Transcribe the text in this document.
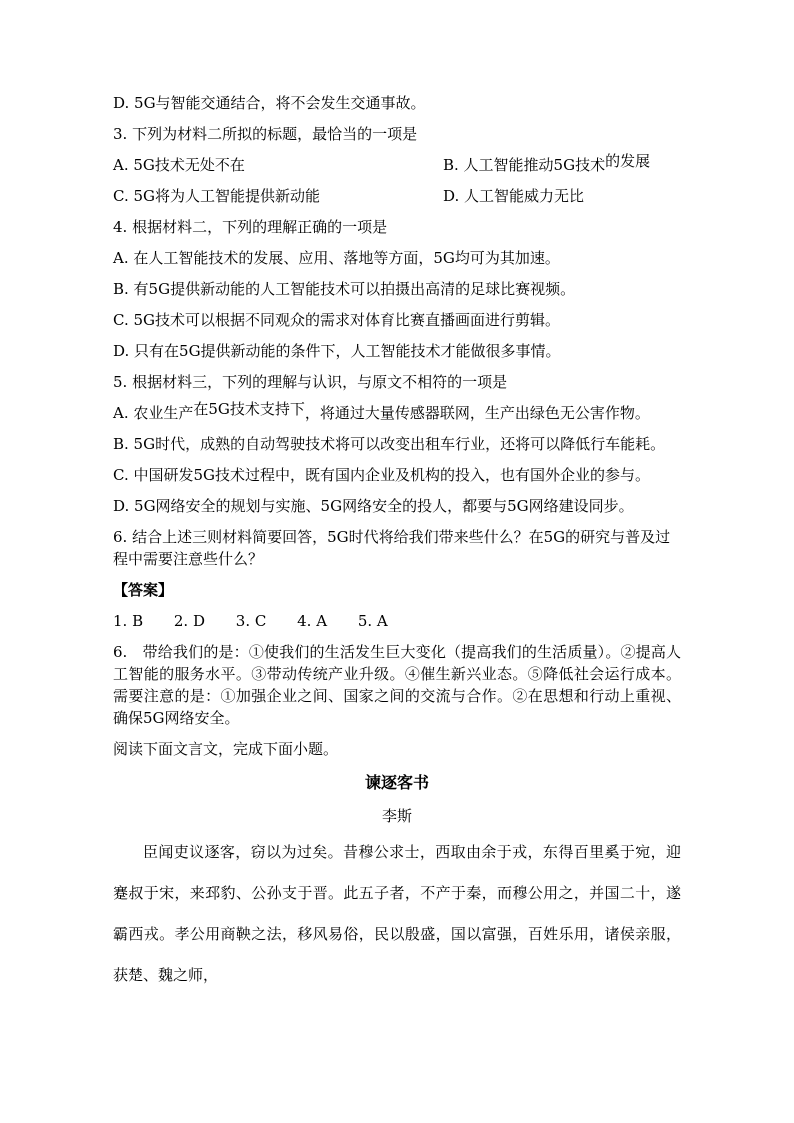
D. 5G与智能交通结合，将不会发生交通事故。

3. 下列为材料二所拟的标题，最恰当的一项是

A. 5G技术无处不在	B. 人工智能推动5G技术的发展
C. 5G将为人工智能提供新动能	D. 人工智能威力无比

4. 根据材料二，下列的理解正确的一项是

A. 在人工智能技术的发展、应用、落地等方面，5G均可为其加速。

B. 有5G提供新动能的人工智能技术可以拍摄出高清的足球比赛视频。

C. 5G技术可以根据不同观众的需求对体育比赛直播画面进行剪辑。

D. 只有在5G提供新动能的条件下，人工智能技术才能做很多事情。

5. 根据材料三，下列的理解与认识，与原文不相符的一项是

A. 农业生产在5G技术支持下，将通过大量传感器联网，生产出绿色无公害作物。

B. 5G时代，成熟的自动驾驶技术将可以改变出租车行业，还将可以降低行车能耗。

C. 中国研发5G技术过程中，既有国内企业及机构的投入，也有国外企业的参与。

D. 5G网络安全的规划与实施、5G网络安全的投人，都要与5G网络建设同步。

6. 结合上述三则材料简要回答，5G时代将给我们带来些什么？在5G的研究与普及过程中需要注意些什么？

【答案】

1. B 2. D 3. C 4. A 5. A

6.　带给我们的是：①使我们的生活发生巨大变化（提高我们的生活质量）。②提高人工智能的服务水平。③带动传统产业升级。④催生新兴业态。⑤降低社会运行成本。需要注意的是：①加强企业之间、国家之间的交流与合作。②在思想和行动上重视、确保5G网络安全。

阅读下面文言文，完成下面小题。

谏逐客书

李斯

臣闻吏议逐客，窃以为过矣。昔穆公求士，西取由余于戎，东得百里奚于宛，迎蹇叔于宋，来邳豹、公孙支于晋。此五子者，不产于秦，而穆公用之，并国二十，遂霸西戎。孝公用商鞅之法，移风易俗，民以殷盛，国以富强，百姓乐用，诸侯亲服，获楚、魏之师，
